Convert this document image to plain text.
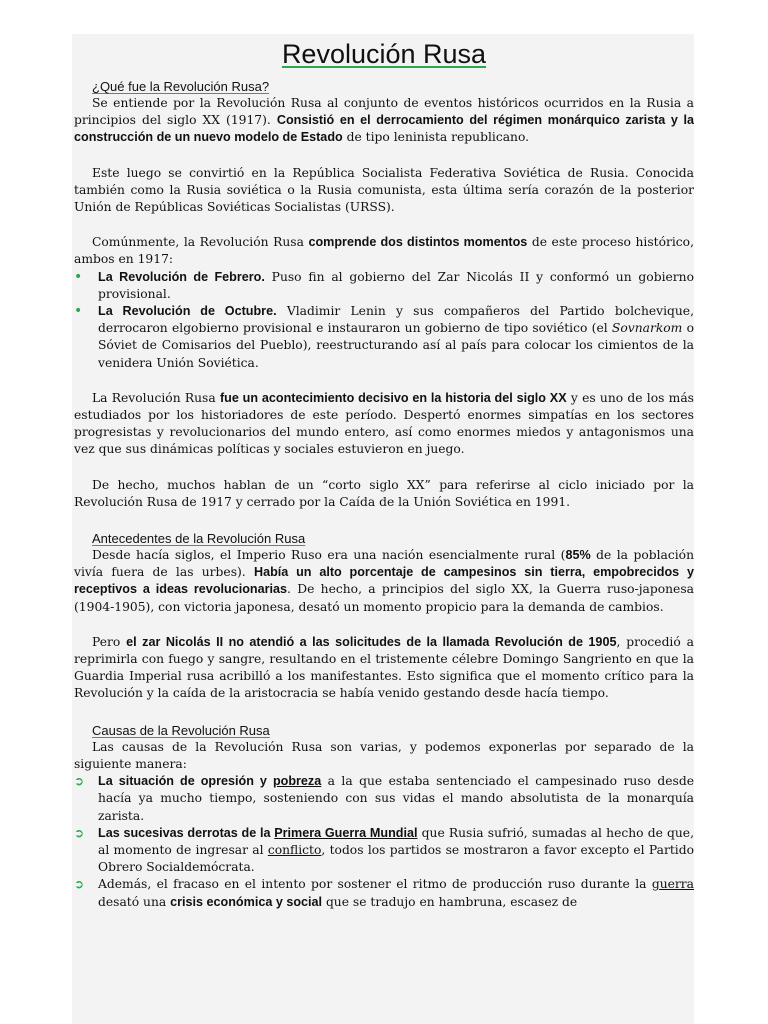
Revolución Rusa
¿Qué fue la Revolución Rusa?

Se entiende por la Revolución Rusa al conjunto de eventos históricos ocurridos en la Rusia a principios del siglo XX (1917). Consistió en el derrocamiento del régimen monárquico zarista y la construcción de un nuevo modelo de Estado de tipo leninista republicano.

Este luego se convirtió en la República Socialista Federativa Soviética de Rusia. Conocida también como la Rusia soviética o la Rusia comunista, esta última sería corazón de la posterior Unión de Repúblicas Soviéticas Socialistas (URSS).

Comúnmente, la Revolución Rusa comprende dos distintos momentos de este proceso histórico, ambos en 1917:

• La Revolución de Febrero. Puso fin al gobierno del Zar Nicolás II y conformó un gobierno provisional.
• La Revolución de Octubre. Vladimir Lenin y sus compañeros del Partido bolchevique, derrocaron elgobierno provisional e instauraron un gobierno de tipo soviético (el Sovnarkom o Sóviet de Comisarios del Pueblo), reestructurando así al país para colocar los cimientos de la venidera Unión Soviética.

La Revolución Rusa fue un acontecimiento decisivo en la historia del siglo XX y es uno de los más estudiados por los historiadores de este período. Despertó enormes simpatías en los sectores progresistas y revolucionarios del mundo entero, así como enormes miedos y antagonismos una vez que sus dinámicas políticas y sociales estuvieron en juego.

De hecho, muchos hablan de un “corto siglo XX” para referirse al ciclo iniciado por la Revolución Rusa de 1917 y cerrado por la Caída de la Unión Soviética en 1991.

Antecedentes de la Revolución Rusa

Desde hacía siglos, el Imperio Ruso era una nación esencialmente rural (85% de la población vivía fuera de las urbes). Había un alto porcentaje de campesinos sin tierra, empobrecidos y receptivos a ideas revolucionarias. De hecho, a principios del siglo XX, la Guerra ruso-japonesa (1904-1905), con victoria japonesa, desató un momento propicio para la demanda de cambios.

Pero el zar Nicolás II no atendió a las solicitudes de la llamada Revolución de 1905, procedió a reprimirla con fuego y sangre, resultando en el tristemente célebre Domingo Sangriento en que la Guardia Imperial rusa acribilló a los manifestantes. Esto significa que el momento crítico para la Revolución y la caída de la aristocracia se había venido gestando desde hacía tiempo.

Causas de la Revolución Rusa

Las causas de la Revolución Rusa son varias, y podemos exponerlas por separado de la siguiente manera:

➲ La situación de opresión y pobreza a la que estaba sentenciado el campesinado ruso desde hacía ya mucho tiempo, sosteniendo con sus vidas el mando absolutista de la monarquía zarista.
➲ Las sucesivas derrotas de la Primera Guerra Mundial que Rusia sufrió, sumadas al hecho de que, al momento de ingresar al conflicto, todos los partidos se mostraron a favor excepto el Partido Obrero Socialdemócrata.
➲ Además, el fracaso en el intento por sostener el ritmo de producción ruso durante la guerra desató una crisis económica y social que se tradujo en hambruna, escasez de
